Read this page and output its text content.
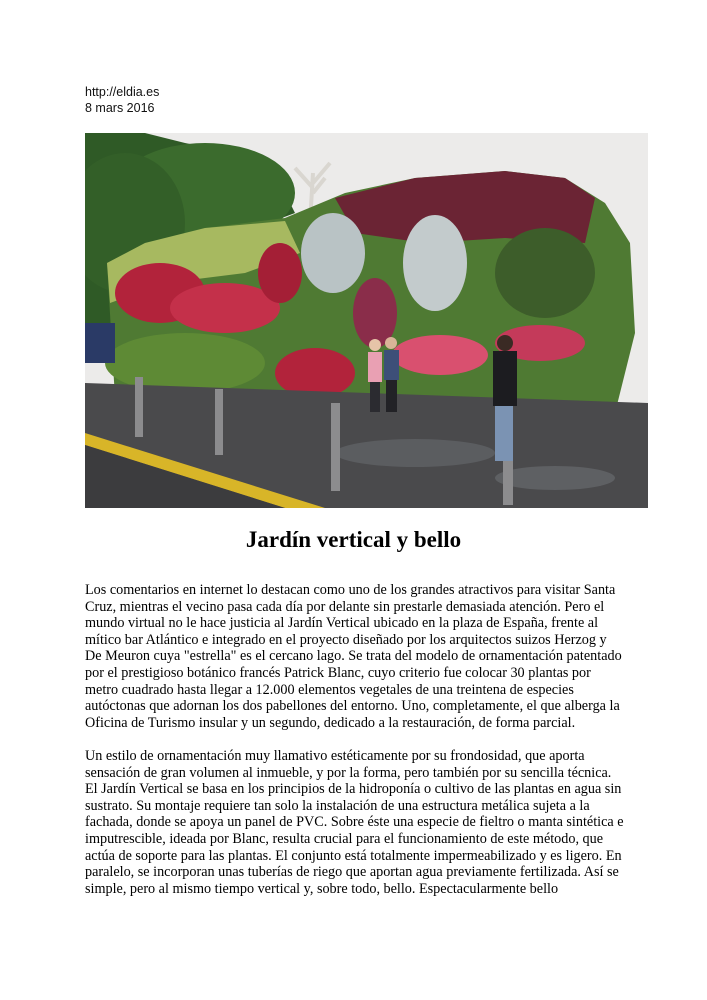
http://eldia.es
8 mars 2016
Jardín vertical y bello

Los comentarios en internet lo destacan como uno de los grandes atractivos para visitar Santa Cruz, mientras el vecino pasa cada día por delante sin prestarle demasiada atención. Pero el mundo virtual no le hace justicia al Jardín Vertical ubicado en la plaza de España, frente al mítico bar Atlántico e integrado en el proyecto diseñado por los arquitectos suizos Herzog y De Meuron cuya "estrella" es el cercano lago. Se trata del modelo de ornamentación patentado por el prestigioso botánico francés Patrick Blanc, cuyo criterio fue colocar 30 plantas por metro cuadrado hasta llegar a 12.000 elementos vegetales de una treintena de especies autóctonas que adornan los dos pabellones del entorno. Uno, completamente, el que alberga la Oficina de Turismo insular y un segundo, dedicado a la restauración, de forma parcial.

Un estilo de ornamentación muy llamativo estéticamente por su frondosidad, que aporta sensación de gran volumen al inmueble, y por la forma, pero también por su sencilla técnica. El Jardín Vertical se basa en los principios de la hidroponía o cultivo de las plantas en agua sin sustrato. Su montaje requiere tan solo la instalación de una estructura metálica sujeta a la fachada, donde se apoya un panel de PVC. Sobre éste una especie de fieltro o manta sintética e imputrescible, ideada por Blanc, resulta crucial para el funcionamiento de este método, que actúa de soporte para las plantas. El conjunto está totalmente impermeabilizado y es ligero. En paralelo, se incorporan unas tuberías de riego que aportan agua previamente fertilizada. Así se simple, pero al mismo tiempo vertical y, sobre todo, bello. Espectacularmente bello
